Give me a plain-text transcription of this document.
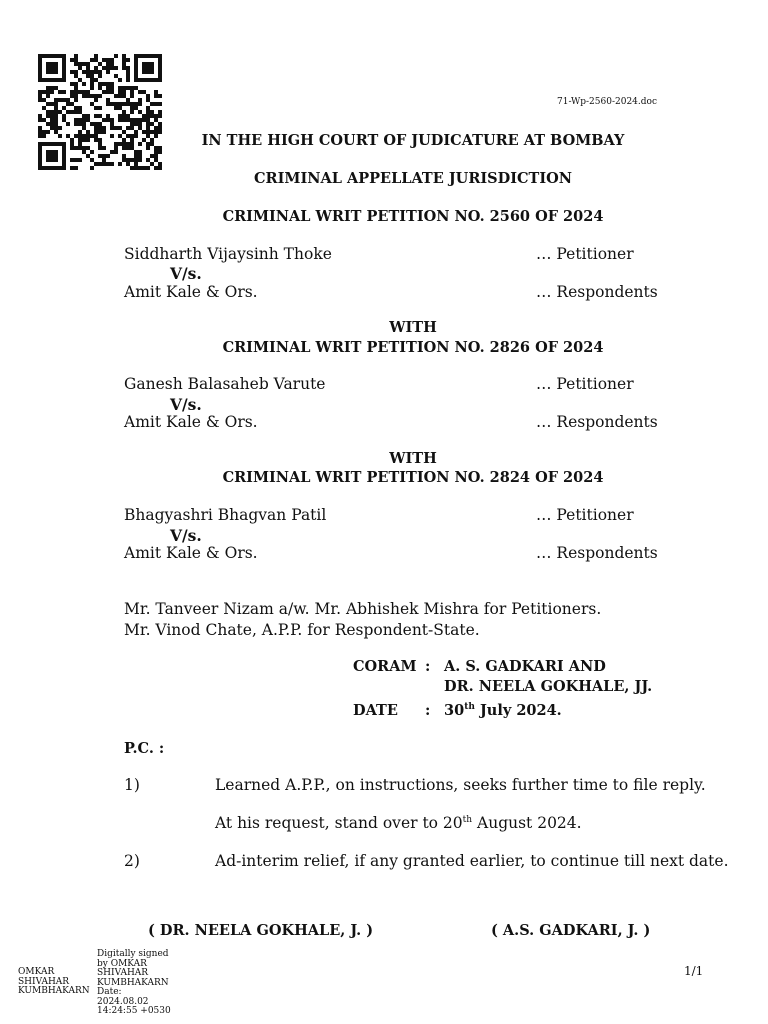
71-Wp-2560-2024.doc
IN THE HIGH COURT OF JUDICATURE AT BOMBAY
CRIMINAL APPELLATE JURISDICTION
CRIMINAL WRIT PETITION NO. 2560 OF 2024
Siddharth Vijaysinh Thoke	… Petitioner
V/s.
Amit Kale & Ors.	… Respondents
WITH
CRIMINAL WRIT PETITION NO. 2826 OF 2024
Ganesh Balasaheb Varute	… Petitioner
V/s.
Amit Kale & Ors.	… Respondents
WITH
CRIMINAL WRIT PETITION NO. 2824 OF 2024
Bhagyashri Bhagvan Patil	… Petitioner
V/s.
Amit Kale & Ors.	… Respondents
Mr. Tanveer Nizam a/w. Mr. Abhishek Mishra for Petitioners.
Mr. Vinod Chate, A.P.P. for Respondent-State.
CORAM : A. S. GADKARI AND
DR. NEELA GOKHALE, JJ.
DATE : 30th July 2024.
P.C. :
1)	Learned A.P.P., on instructions, seeks further time to file reply.
At his request, stand over to 20th August 2024.
2)	Ad-interim relief, if any granted earlier, to continue till next date.
( DR. NEELA GOKHALE, J. )	( A.S. GADKARI, J. )
OMKAR
SHIVAHAR
KUMBHAKARN
Digitally signed
by OMKAR
SHIVAHAR
KUMBHAKARN
Date:
2024.08.02
14:24:55 +0530
1/1
